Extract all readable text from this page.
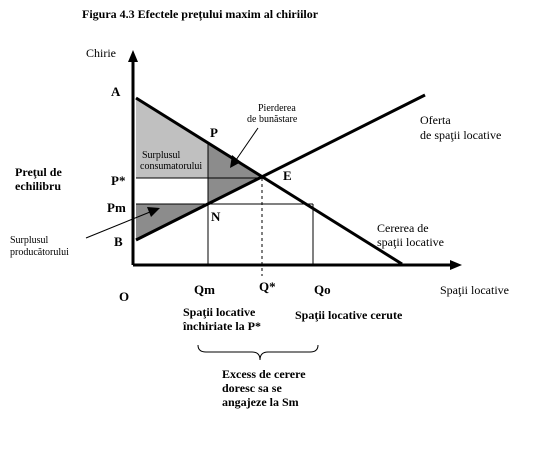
Figura 4.3 Efectele prețului maxim al chiriilor
Chirie
Spaţii locative
O
A
P
P*
Pm
B
E
N
Qm	Q*	Qo
Pierderea
de bunăstare
Surplusul
consumatorului
Surplusul
producătorului
Preţul de
echilibru
Oferta
de spaţii locative
Cererea de
spaţii locative
Spaţii locative
închiriate la P*
Spaţii locative cerute
Excess de cerere
doresc sa se
angajeze la Sm
